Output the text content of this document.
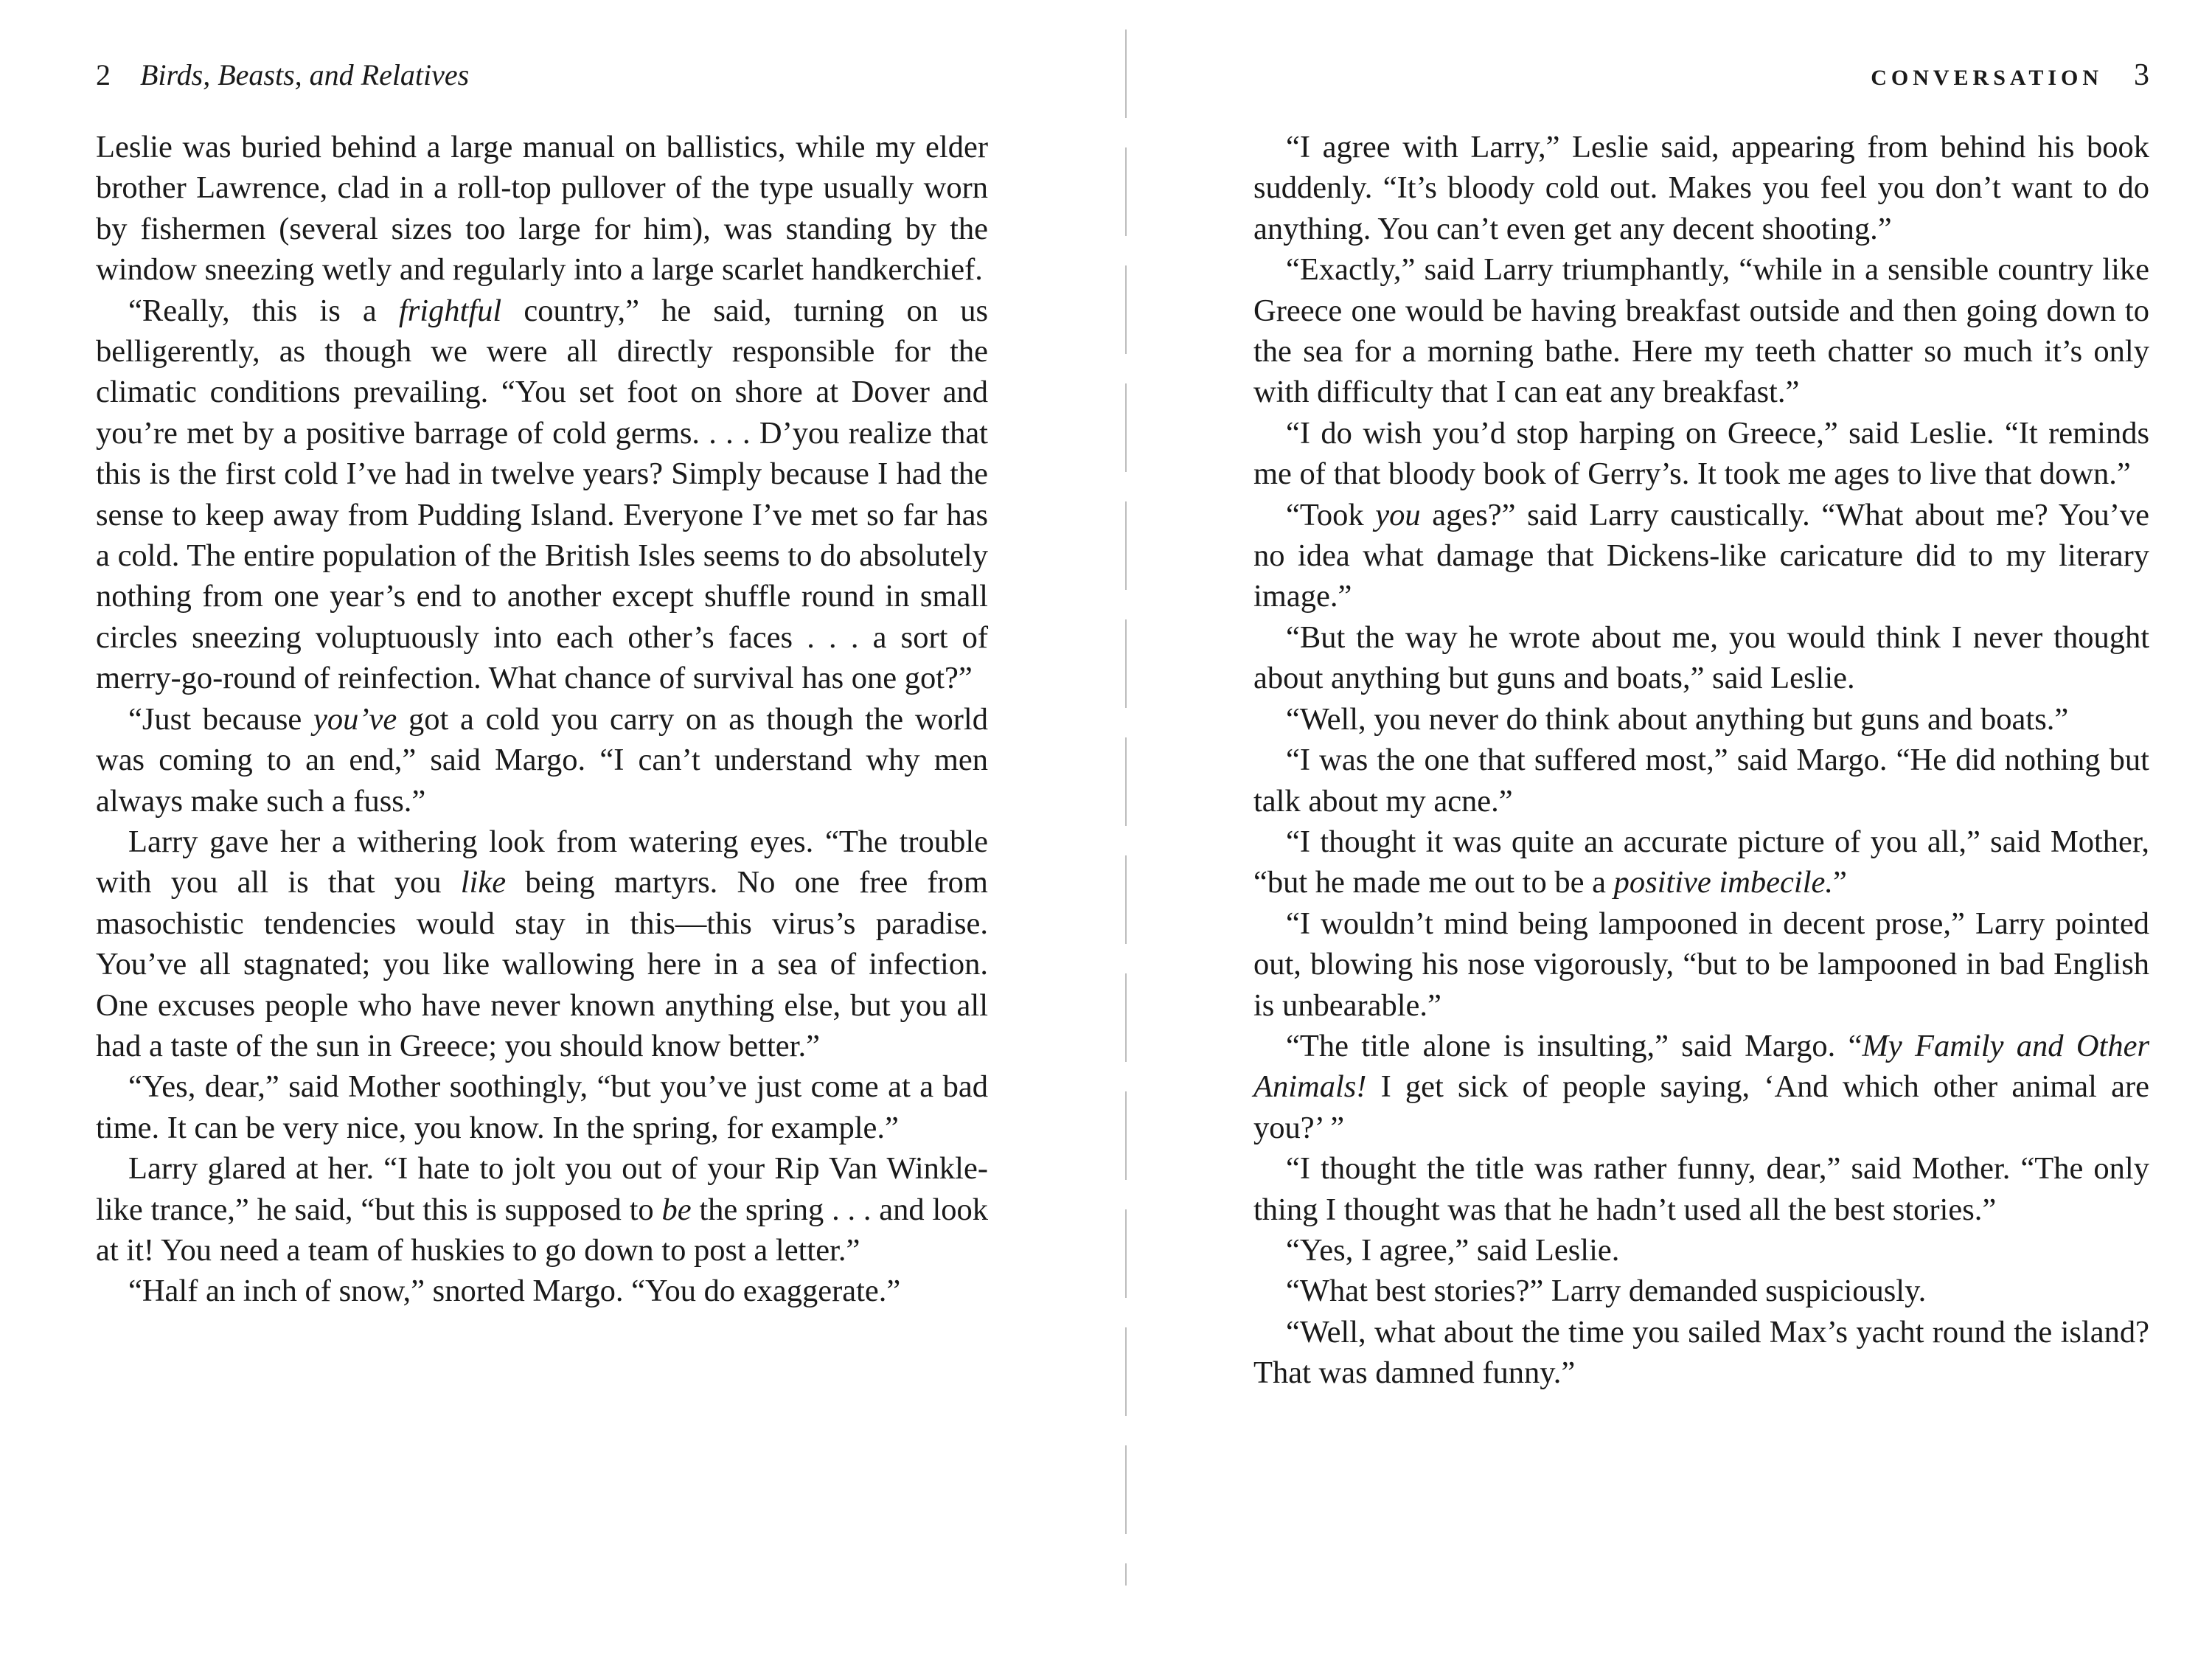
2 Birds, Beasts, and Relatives

Leslie was buried behind a large manual on ballistics, while my elder brother Lawrence, clad in a roll-top pullover of the type usually worn by fishermen (several sizes too large for him), was standing by the window sneezing wetly and regularly into a large scarlet handkerchief.

“Really, this is a frightful country,” he said, turning on us belligerently, as though we were all directly responsible for the climatic conditions prevailing. “You set foot on shore at Dover and you’re met by a positive barrage of cold germs. . . . D’you realize that this is the first cold I’ve had in twelve years? Simply because I had the sense to keep away from Pudding Island. Everyone I’ve met so far has a cold. The entire population of the British Isles seems to do absolutely nothing from one year’s end to another except shuffle round in small circles sneezing voluptuously into each other’s faces . . . a sort of merry-go-round of reinfection. What chance of survival has one got?”

“Just because you’ve got a cold you carry on as though the world was coming to an end,” said Margo. “I can’t understand why men always make such a fuss.”

Larry gave her a withering look from watering eyes. “The trouble with you all is that you like being martyrs. No one free from masochistic tendencies would stay in this—this virus’s paradise. You’ve all stagnated; you like wallowing here in a sea of infection. One excuses people who have never known anything else, but you all had a taste of the sun in Greece; you should know better.”

“Yes, dear,” said Mother soothingly, “but you’ve just come at a bad time. It can be very nice, you know. In the spring, for example.”

Larry glared at her. “I hate to jolt you out of your Rip Van Winkle-like trance,” he said, “but this is supposed to be the spring . . . and look at it! You need a team of huskies to go down to post a letter.”

“Half an inch of snow,” snorted Margo. “You do exaggerate.”

CONVERSATION 3

“I agree with Larry,” Leslie said, appearing from behind his book suddenly. “It’s bloody cold out. Makes you feel you don’t want to do anything. You can’t even get any decent shooting.”

“Exactly,” said Larry triumphantly, “while in a sensible country like Greece one would be having breakfast outside and then going down to the sea for a morning bathe. Here my teeth chatter so much it’s only with difficulty that I can eat any breakfast.”

“I do wish you’d stop harping on Greece,” said Leslie. “It reminds me of that bloody book of Gerry’s. It took me ages to live that down.”

“Took you ages?” said Larry caustically. “What about me? You’ve no idea what damage that Dickens-like caricature did to my literary image.”

“But the way he wrote about me, you would think I never thought about anything but guns and boats,” said Leslie.

“Well, you never do think about anything but guns and boats.”

“I was the one that suffered most,” said Margo. “He did nothing but talk about my acne.”

“I thought it was quite an accurate picture of you all,” said Mother, “but he made me out to be a positive imbecile.”

“I wouldn’t mind being lampooned in decent prose,” Larry pointed out, blowing his nose vigorously, “but to be lampooned in bad English is unbearable.”

“The title alone is insulting,” said Margo. “My Family and Other Animals! I get sick of people saying, ‘And which other animal are you?’ ”

“I thought the title was rather funny, dear,” said Mother. “The only thing I thought was that he hadn’t used all the best stories.”

“Yes, I agree,” said Leslie.

“What best stories?” Larry demanded suspiciously.

“Well, what about the time you sailed Max’s yacht round the island? That was damned funny.”
